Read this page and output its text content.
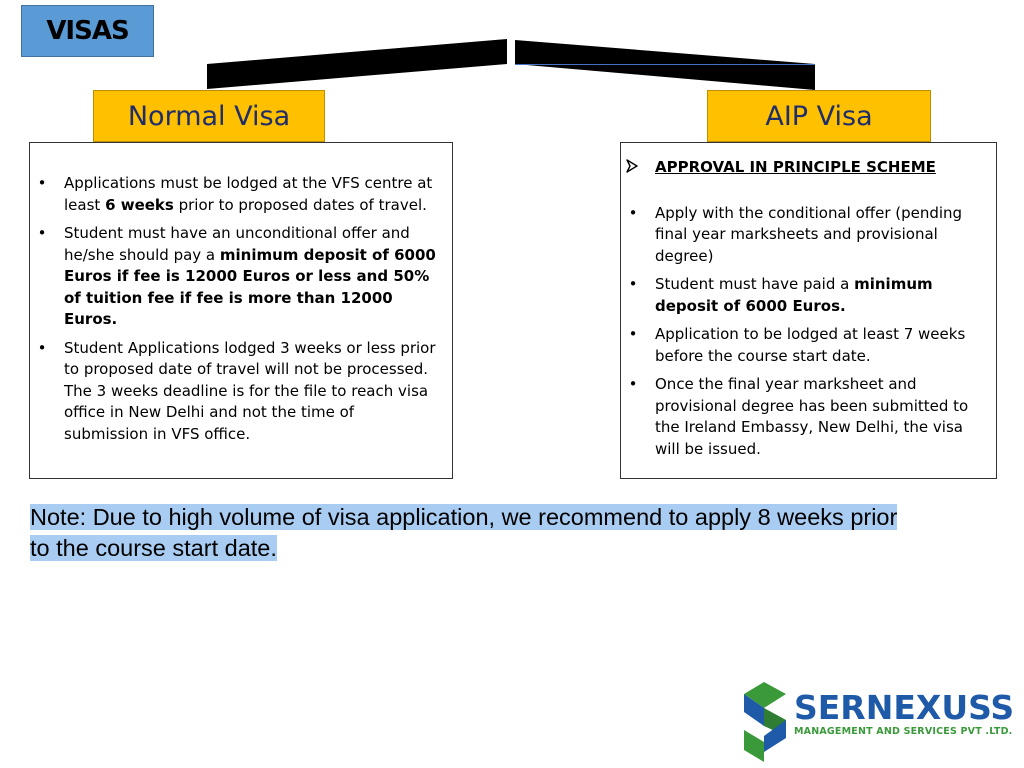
VISAS
Normal Visa	AIP Visa
•	Applications must be lodged at the VFS centre at least 6 weeks prior to proposed dates of travel.
•	Student must have an unconditional offer and he/she should pay a minimum deposit of 6000 Euros if fee is 12000 Euros or less and 50% of tuition fee if fee is more than 12000 Euros.
•	Student Applications lodged 3 weeks or less prior to proposed date of travel will not be processed. The 3 weeks deadline is for the file to reach visa office in New Delhi and not the time of submission in VFS office.
APPROVAL IN PRINCIPLE SCHEME
•	Apply with the conditional offer (pending final year marksheets and provisional degree)
•	Student must have paid a minimum deposit of 6000 Euros.
•	Application to be lodged at least 7 weeks before the course start date.
•	Once the final year marksheet and provisional degree has been submitted to the Ireland Embassy, New Delhi, the visa will be issued.
Note: Due to high volume of visa application, we recommend to apply 8 weeks prior
to the course start date.
SERNEXUSS
MANAGEMENT AND SERVICES PVT .LTD.
